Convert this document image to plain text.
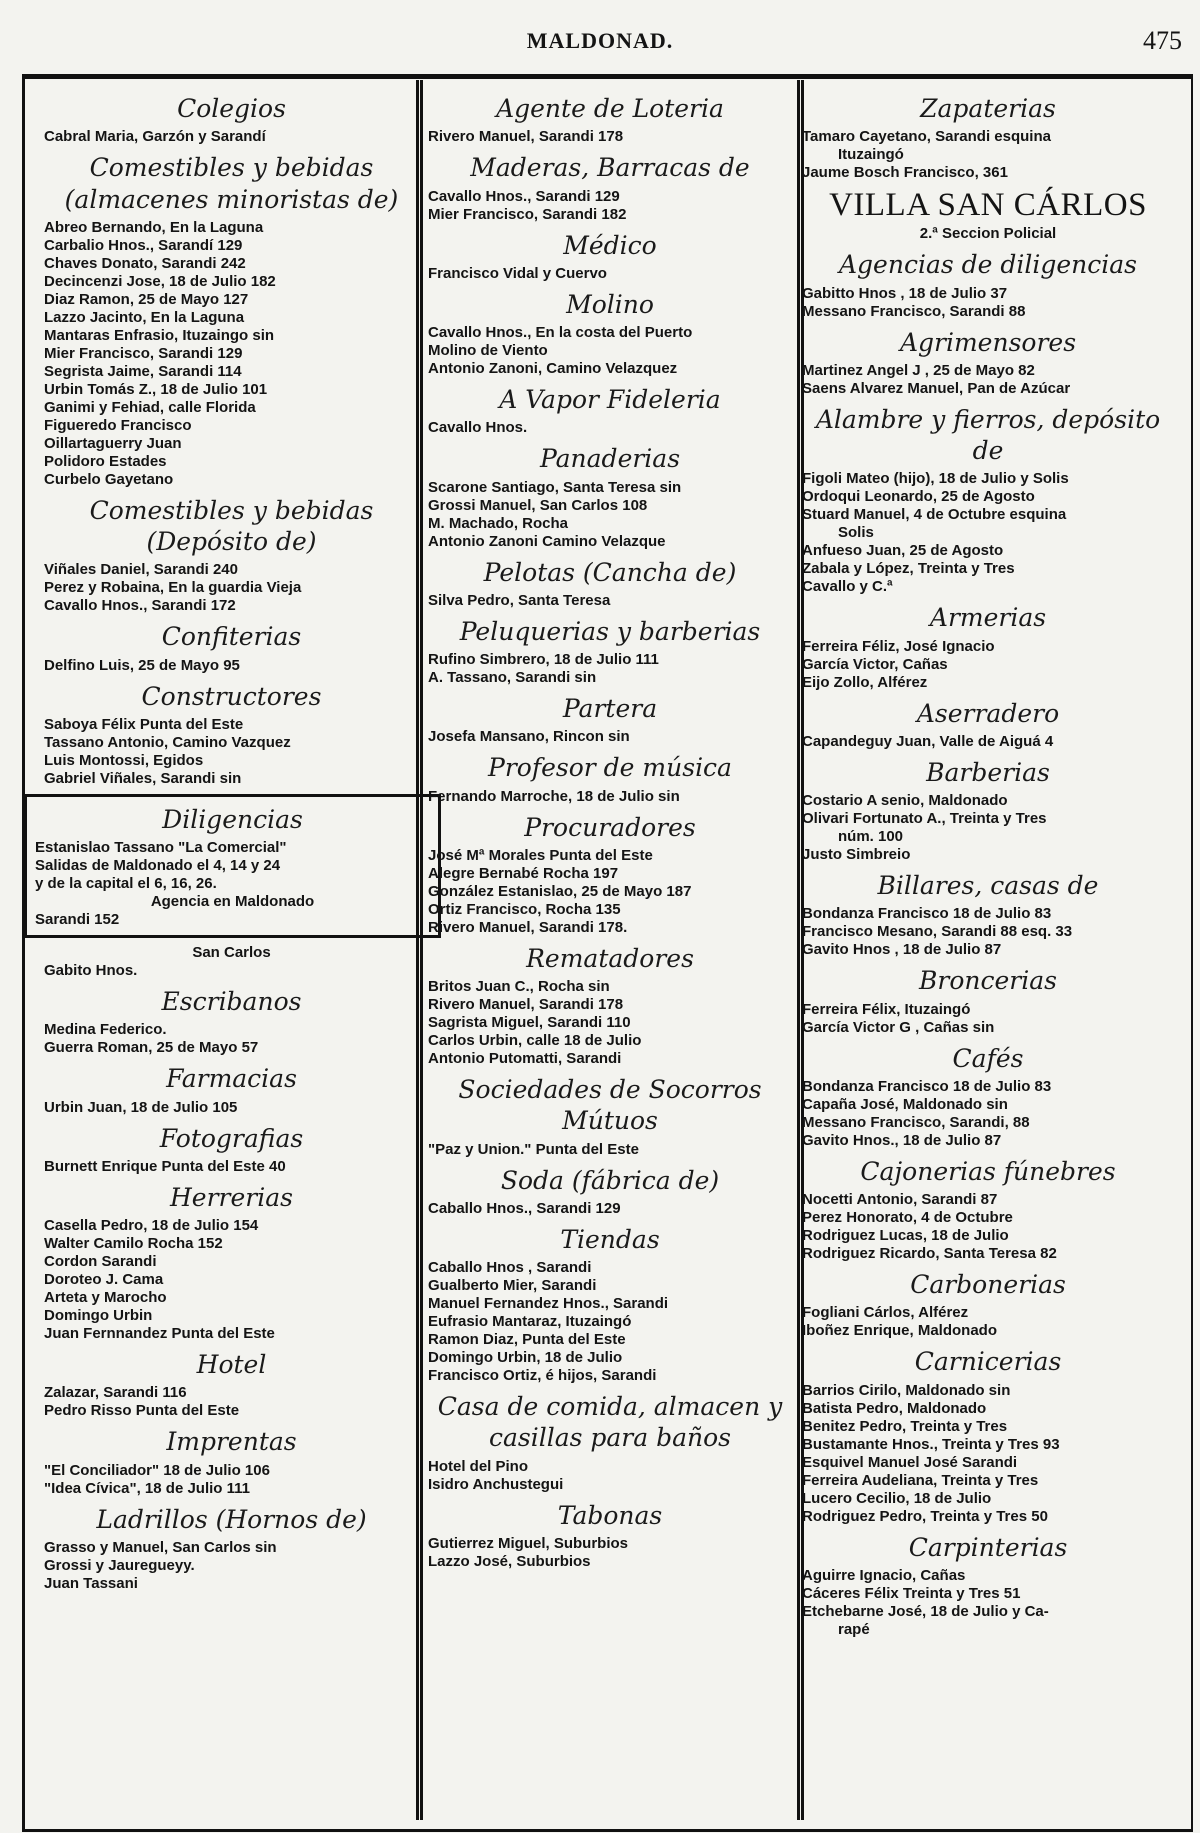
MALDONAD.	475
Colegios
Cabral Maria, Garzón y Sarandí
Comestibles y bebidas (almacenes minoristas de)
Abreo Bernando, En la Laguna
Carbalio Hnos., Sarandí 129
Chaves Donato, Sarandi 242
Decincenzi Jose, 18 de Julio 182
Diaz Ramon, 25 de Mayo 127
Lazzo Jacinto, En la Laguna
Mantaras Enfrasio, Ituzaingo sin
Mier Francisco, Sarandi 129
Segrista Jaime, Sarandi 114
Urbin Tomás Z., 18 de Julio 101
Ganimi y Fehiad, calle Florida
Figueredo Francisco
Oillartaguerry Juan
Polidoro Estades
Curbelo Gayetano
Comestibles y bebidas (Depósito de)
Viñales Daniel, Sarandi 240
Perez y Robaina, En la guardia Vieja
Cavallo Hnos., Sarandi 172
Confiterias
Delfino Luis, 25 de Mayo 95
Constructores
Saboya Félix Punta del Este
Tassano Antonio, Camino Vazquez
Luis Montossi, Egidos
Gabriel Viñales, Sarandi sin
Diligencias
Estanislao Tassano "La Comercial"
Salidas de Maldonado el 4, 14 y 24
y de la capital el 6, 16, 26.
Agencia en Maldonado
Sarandi 152
San Carlos
Gabito Hnos.
Escribanos
Medina Federico.
Guerra Roman, 25 de Mayo 57
Farmacias
Urbin Juan, 18 de Julio 105
Fotografias
Burnett Enrique Punta del Este 40
Herrerias
Casella Pedro, 18 de Julio 154
Walter Camilo Rocha 152
Cordon Sarandi
Doroteo J. Cama
Arteta y Marocho
Domingo Urbin
Juan Fernnandez Punta del Este
Hotel
Zalazar, Sarandi 116
Pedro Risso Punta del Este
Imprentas
"El Conciliador" 18 de Julio 106
"Idea Cívica", 18 de Julio 111
Ladrillos (Hornos de)
Grasso y Manuel, San Carlos sin
Grossi y Jauregueyy.
Juan Tassani
Agente de Loteria
Rivero Manuel, Sarandi 178
Maderas, Barracas de
Cavallo Hnos., Sarandi 129
Mier Francisco, Sarandi 182
Médico
Francisco Vidal y Cuervo
Molino
Cavallo Hnos., En la costa del Puerto
Molino de Viento
Antonio Zanoni, Camino Velazquez
A Vapor Fideleria
Cavallo Hnos.
Panaderias
Scarone Santiago, Santa Teresa sin
Grossi Manuel, San Carlos 108
M. Machado, Rocha
Antonio Zanoni Camino Velazque
Pelotas (Cancha de)
Silva Pedro, Santa Teresa
Peluquerias y barberias
Rufino Simbrero, 18 de Julio 111
A. Tassano, Sarandi sin
Partera
Josefa Mansano, Rincon sin
Profesor de música
Fernando Marroche, 18 de Julio sin
Procuradores
José Mª Morales Punta del Este
Alegre Bernabé Rocha 197
González Estanislao, 25 de Mayo 187
Ortiz Francisco, Rocha 135
Rivero Manuel, Sarandi 178.
Rematadores
Britos Juan C., Rocha sin
Rivero Manuel, Sarandi 178
Sagrista Miguel, Sarandi 110
Carlos Urbin, calle 18 de Julio
Antonio Putomatti, Sarandi
Sociedades de Socorros Mútuos
"Paz y Union." Punta del Este
Soda (fábrica de)
Caballo Hnos., Sarandi 129
Tiendas
Caballo Hnos , Sarandi
Gualberto Mier, Sarandi
Manuel Fernandez Hnos., Sarandi
Eufrasio Mantaraz, Ituzaingó
Ramon Diaz, Punta del Este
Domingo Urbin, 18 de Julio
Francisco Ortiz, é hijos, Sarandi
Casa de comida, almacen y casillas para baños
Hotel del Pino
Isidro Anchustegui
Tabonas
Gutierrez Miguel, Suburbios
Lazzo José, Suburbios
Zapaterias
Tamaro Cayetano, Sarandi esquina
Ituzaingó
Jaume Bosch Francisco, 361
VILLA SAN CÁRLOS
2.ª Seccion Policial
Agencias de diligencias
Gabitto Hnos , 18 de Julio 37
Messano Francisco, Sarandi 88
Agrimensores
Martinez Angel J , 25 de Mayo 82
Saens Alvarez Manuel, Pan de Azúcar
Alambre y fierros, depósito de
Figoli Mateo (hijo), 18 de Julio y Solis
Ordoqui Leonardo, 25 de Agosto
Stuard Manuel, 4 de Octubre esquina
Solis
Anfueso Juan, 25 de Agosto
Zabala y López, Treinta y Tres
Cavallo y C.ª
Armerias
Ferreira Féliz, José Ignacio
García Victor, Cañas
Eijo Zollo, Alférez
Aserradero
Capandeguy Juan, Valle de Aiguá 4
Barberias
Costario A senio, Maldonado
Olivari Fortunato A., Treinta y Tres
núm. 100
Justo Simbreio
Billares, casas de
Bondanza Francisco 18 de Julio 83
Francisco Mesano, Sarandi 88 esq. 33
Gavito Hnos , 18 de Julio 87
Broncerias
Ferreira Félix, Ituzaingó
García Victor G , Cañas sin
Cafés
Bondanza Francisco 18 de Julio 83
Capaña José, Maldonado sin
Messano Francisco, Sarandi, 88
Gavito Hnos., 18 de Julio 87
Cajonerias fúnebres
Nocetti Antonio, Sarandi 87
Perez Honorato, 4 de Octubre
Rodriguez Lucas, 18 de Julio
Rodriguez Ricardo, Santa Teresa 82
Carbonerias
Fogliani Cárlos, Alférez
Iboñez Enrique, Maldonado
Carnicerias
Barrios Cirilo, Maldonado sin
Batista Pedro, Maldonado
Benitez Pedro, Treinta y Tres
Bustamante Hnos., Treinta y Tres 93
Esquivel Manuel José Sarandi
Ferreira Audeliana, Treinta y Tres
Lucero Cecilio, 18 de Julio
Rodriguez Pedro, Treinta y Tres 50
Carpinterias
Aguirre Ignacio, Cañas
Cáceres Félix Treinta y Tres 51
Etchebarne José, 18 de Julio y Ca-
rapé
